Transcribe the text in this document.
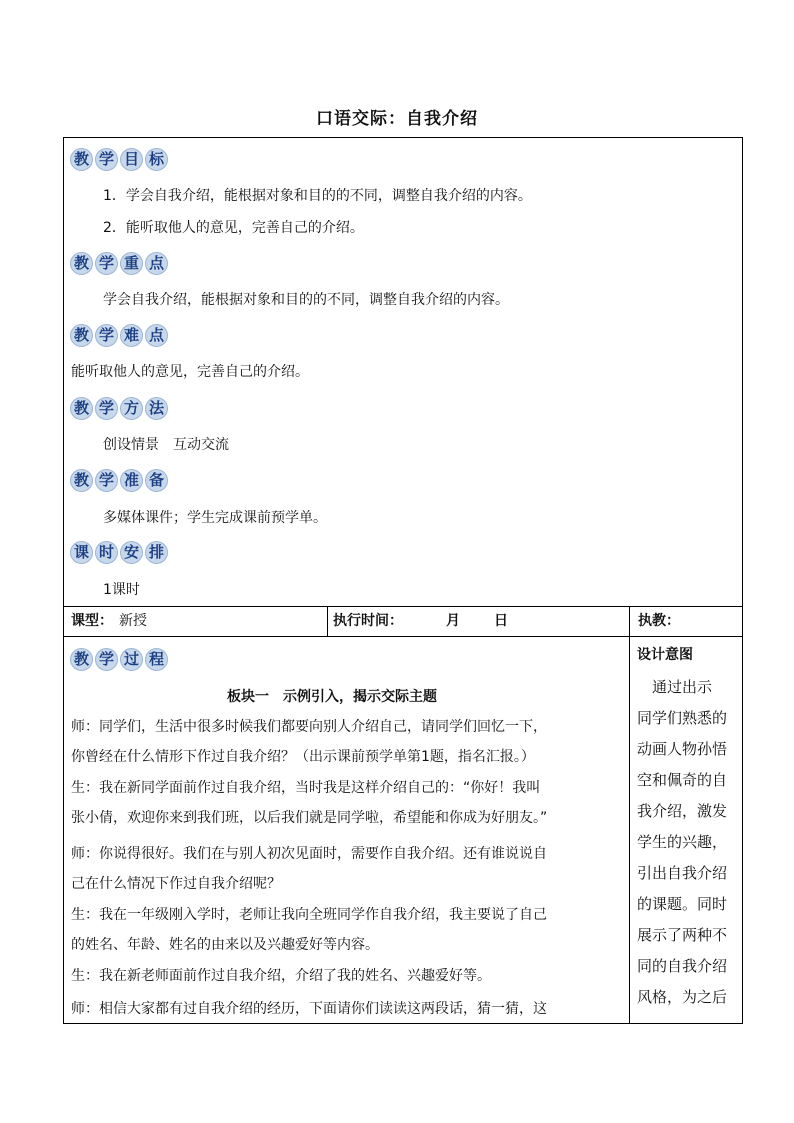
口语交际：自我介绍
教 学 目 标
1．学会自我介绍，能根据对象和目的的不同，调整自我介绍的内容。
2．能听取他人的意见，完善自己的介绍。
教 学 重 点
学会自我介绍，能根据对象和目的的不同，调整自我介绍的内容。
教 学 难 点
能听取他人的意见，完善自己的介绍。
教 学 方 法
创设情景　互动交流
教 学 准 备
多媒体课件；学生完成课前预学单。
课 时 安 排
1课时
课型： 新授	执行时间：	月 日	执教：
教 学 过 程
板块一　示例引入，揭示交际主题
师：同学们，生活中很多时候我们都要向别人介绍自己，请同学们回忆一下，
你曾经在什么情形下作过自我介绍？（出示课前预学单第1题，指名汇报。）
生：我在新同学面前作过自我介绍，当时我是这样介绍自己的：“你好！我叫
张小倩，欢迎你来到我们班，以后我们就是同学啦，希望能和你成为好朋友。”
师：你说得很好。我们在与别人初次见面时，需要作自我介绍。还有谁说说自
己在什么情况下作过自我介绍呢？
生：我在一年级刚入学时，老师让我向全班同学作自我介绍，我主要说了自己
的姓名、年龄、姓名的由来以及兴趣爱好等内容。
生：我在新老师面前作过自我介绍，介绍了我的姓名、兴趣爱好等。
师：相信大家都有过自我介绍的经历，下面请你们读读这两段话，猜一猜，这
设计意图
　通过出示
同学们熟悉的
动画人物孙悟
空和佩奇的自
我介绍，激发
学生的兴趣，
引出自我介绍
的课题。同时
展示了两种不
同的自我介绍
风格，为之后
